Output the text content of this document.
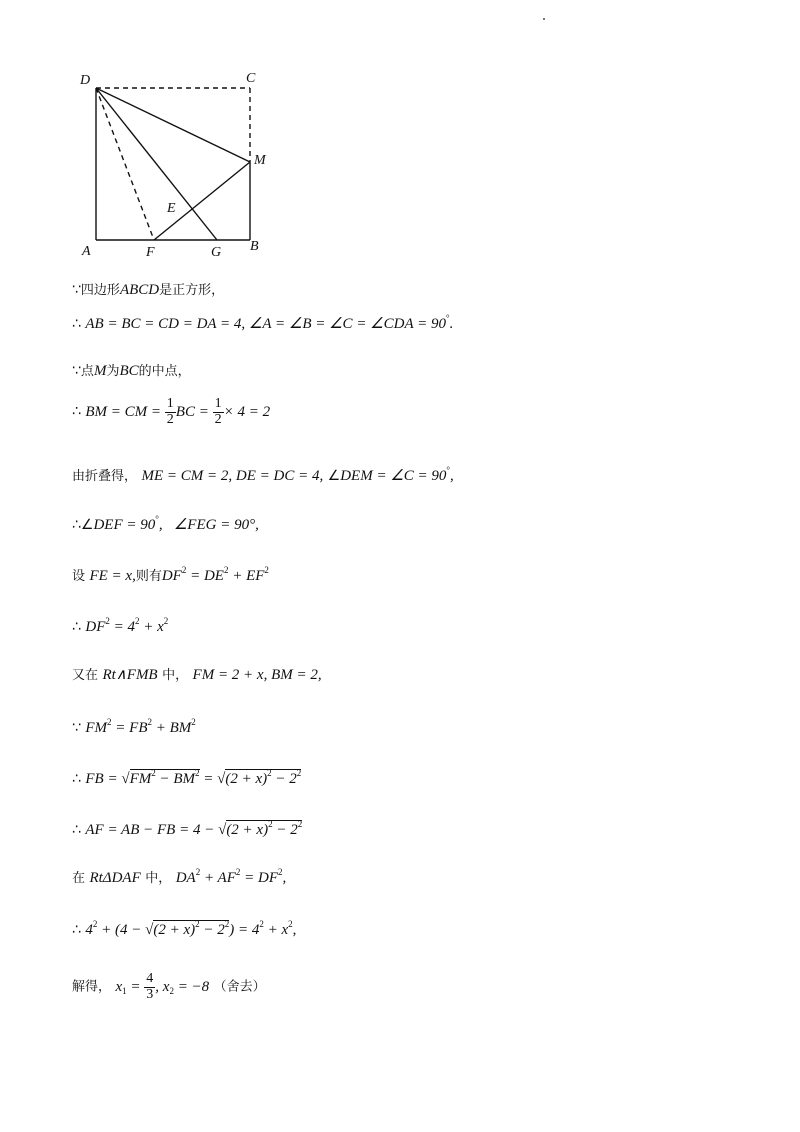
D	C
M
E
A	F	G B
∵四边形ABCD是正方形，
∴ AB = BC = CD = DA = 4, ∠A = ∠B = ∠C = ∠CDA = 90°.
∵点M为BC的中点，
∴ BM = CM = $\frac{1}{2}$ BC = $\frac{1}{2} \times 4 = 2$
由折叠得， ME = CM = 2, DE = DC = 4, ∠DEM = ∠C = 90°,
∴∠DEF = 90°,   ∠FEG = 90°,
设 FE = x,则有$DF^2 = DE^2 + EF^2$
∴ $DF^2 = 4^2 + x^2$
又在 Rt∧FMB 中， FM = 2 + x, BM = 2,
∵ $FM^2 = FB^2 + BM^2$
∴ FB = $√FM^2 - BM^2 = √(2 + x)^2 - 2^2$
∴ AF = AB − FB = $4 - √(2 + x)^2 - 2^2$
在 RtΔDAF 中， $DA^2 + AF^2 = DF^2$,
∴ $4^2 + (4 - √(2 + x)^2 - 2^2) = 4^2 + x^2$,
解得， $x_1 = \frac{4}{3}$ , $x_2 = -8$ （舍去）
